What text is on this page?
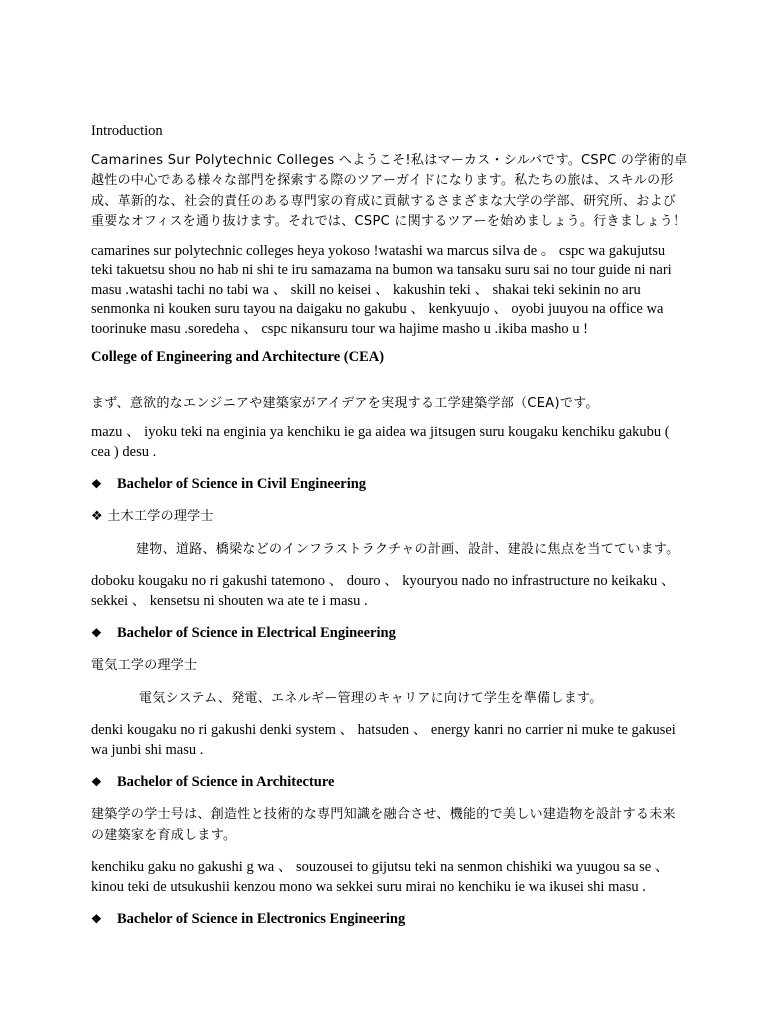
Introduction

Camarines Sur Polytechnic Colleges へようこそ!私はマーカス・シルバです。CSPC の学術的卓越性の中心である様々な部門を探索する際のツアーガイドになります。私たちの旅は、スキルの形成、革新的な、社会的責任のある専門家の育成に貢献するさまざまな大学の学部、研究所、および重要なオフィスを通り抜けます。それでは、CSPC に関するツアーを始めましょう。行きましょう！

camarines sur polytechnic colleges heya yokoso !watashi wa marcus silva de 。 cspc wa gakujutsu teki takuetsu shou no hab ni shi te iru samazama na bumon wa tansaku suru sai no tour guide ni nari masu .watashi tachi no tabi wa 、 skill no keisei 、 kakushin teki 、 shakai teki sekinin no aru senmonka ni kouken suru tayou na daigaku no gakubu 、 kenkyuujo 、 oyobi juuyou na office wa toorinuke masu .soredeha 、 cspc nikansuru tour wa hajime masho u .ikiba masho u !

College of Engineering and Architecture (CEA)

まず、意欲的なエンジニアや建築家がアイデアを実現する工学建築学部（CEA)です。

mazu 、 iyoku teki na enginia ya kenchiku ie ga aidea wa jitsugen suru kougaku kenchiku gakubu ( cea ) desu .

❖	Bachelor of Science in Civil Engineering

❖ 土木工学の理学士

建物、道路、橋梁などのインフラストラクチャの計画、設計、建設に焦点を当てています。

doboku kougaku no ri gakushi tatemono 、 douro 、 kyouryou nado no infrastructure no keikaku 、 sekkei 、 kensetsu ni shouten wa ate te i masu .

❖	Bachelor of Science in Electrical Engineering

電気工学の理学士

電気システム、発電、エネルギー管理のキャリアに向けて学生を準備します。

denki kougaku no ri gakushi denki system 、 hatsuden 、 energy kanri no carrier ni muke te gakusei wa junbi shi masu .

❖	Bachelor of Science in Architecture

建築学の学士号は、創造性と技術的な専門知識を融合させ、機能的で美しい建造物を設計する未来の建築家を育成します。

kenchiku gaku no gakushi g wa 、 souzousei to gijutsu teki na senmon chishiki wa yuugou sa se 、 kinou teki de utsukushii kenzou mono wa sekkei suru mirai no kenchiku ie wa ikusei shi masu .

❖	Bachelor of Science in Electronics Engineering
